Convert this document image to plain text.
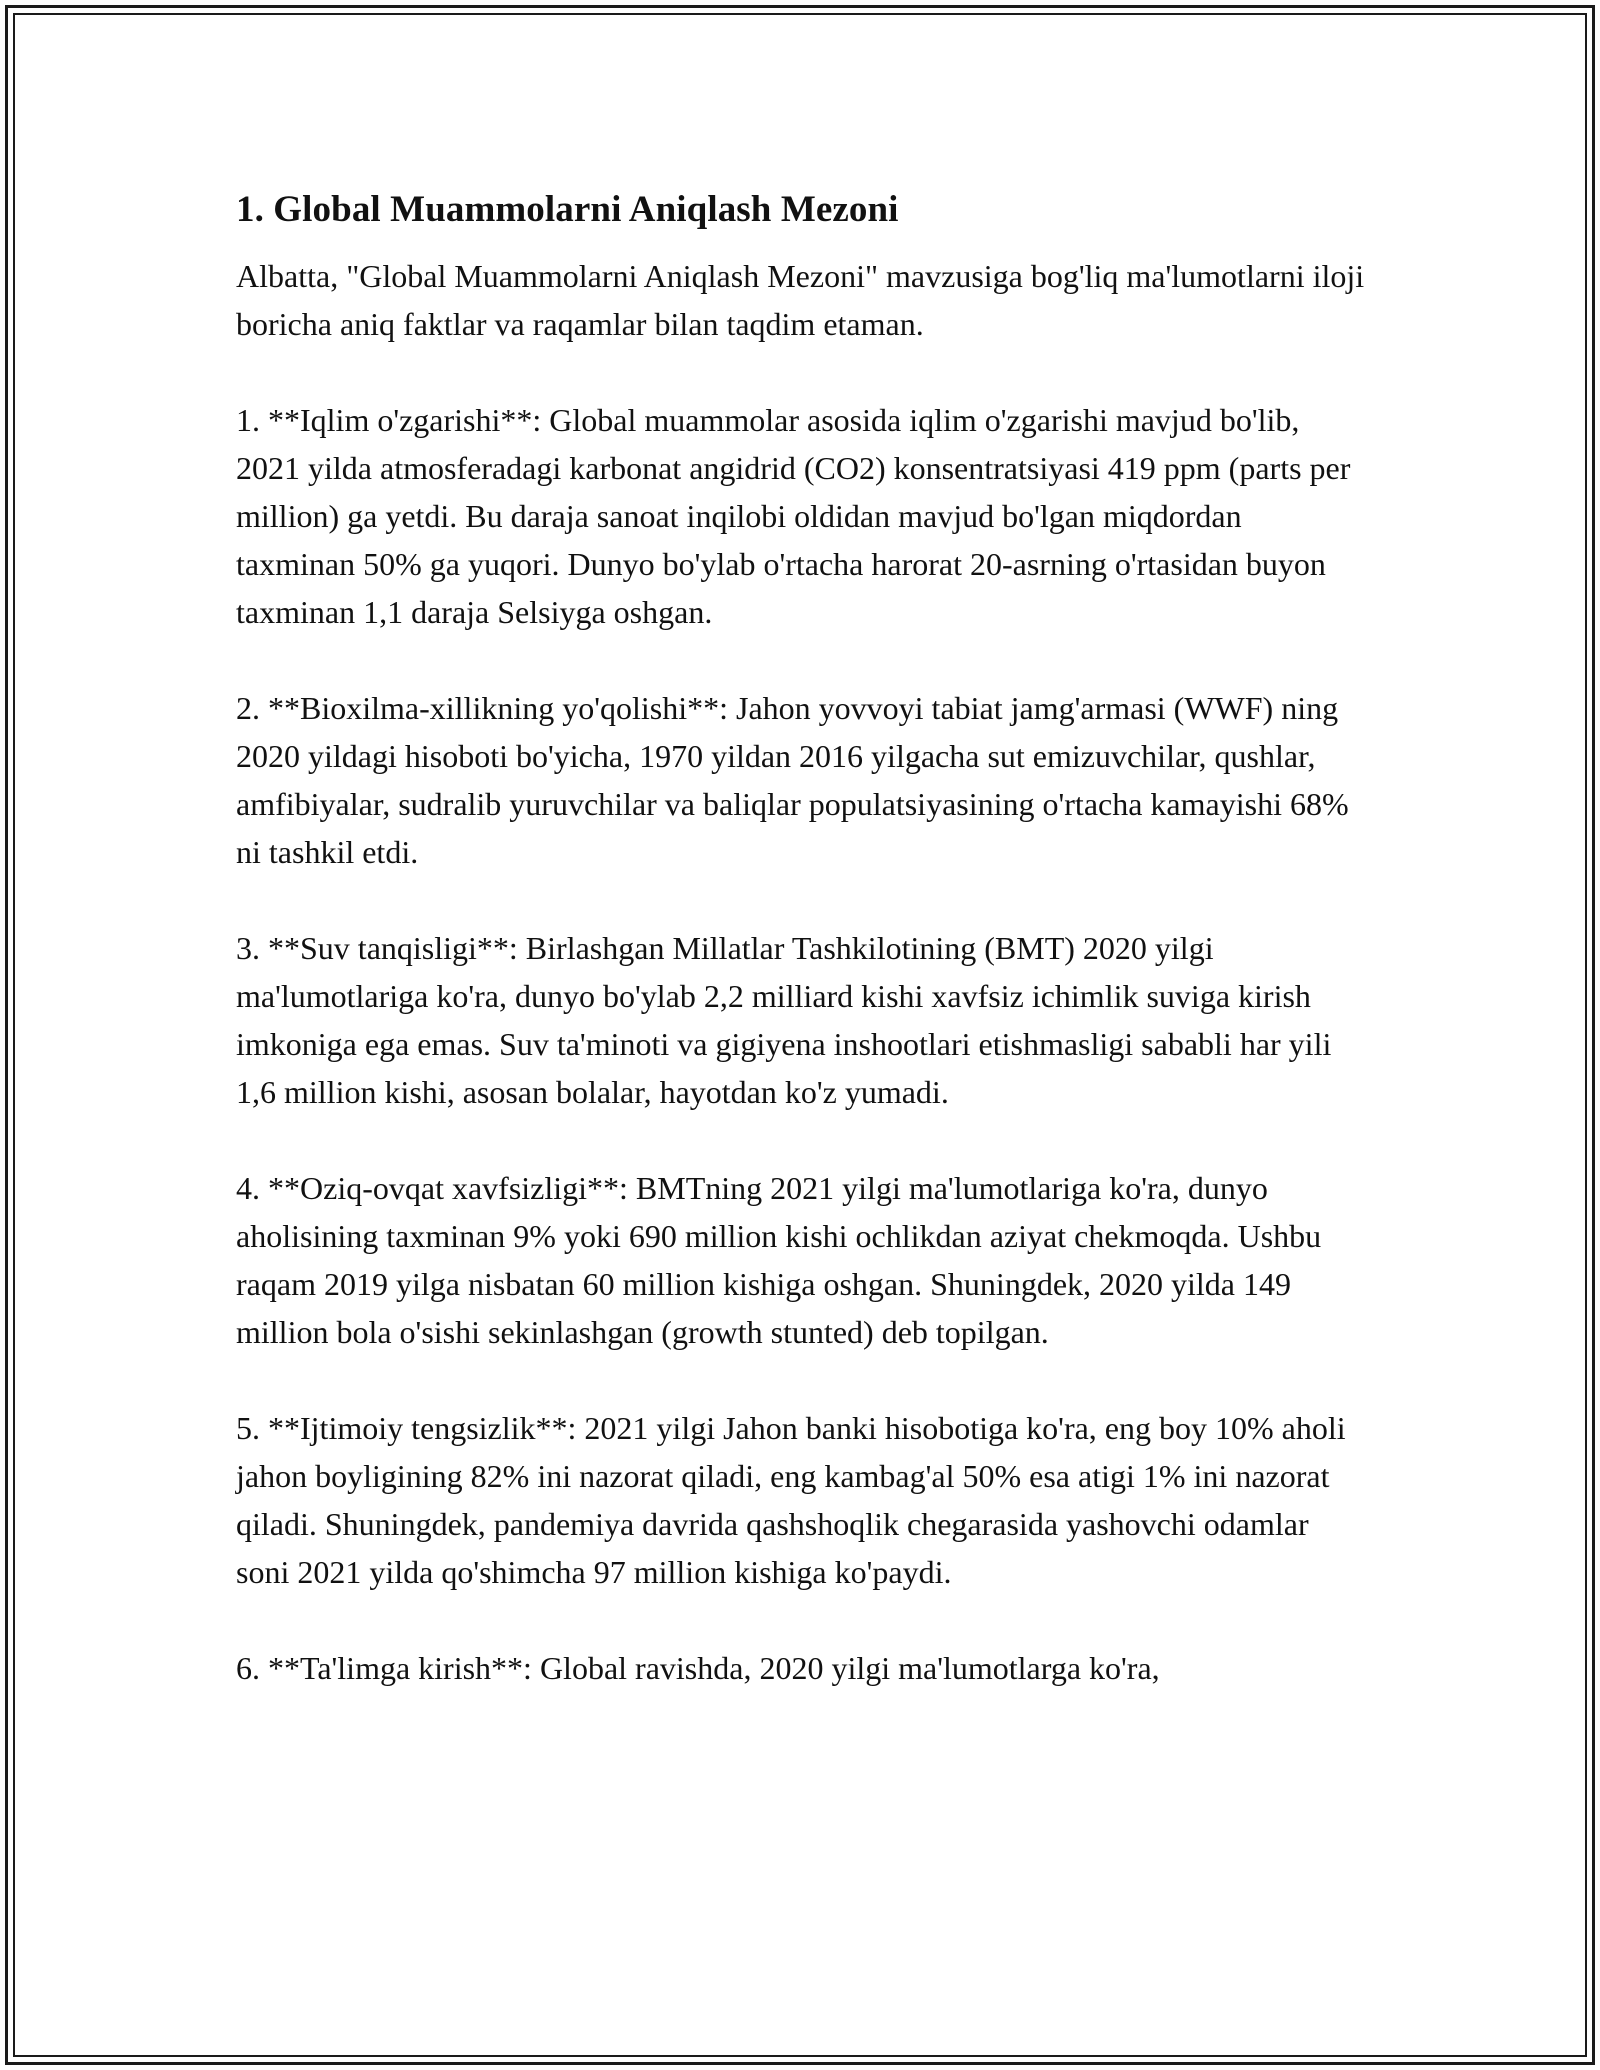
1. Global Muammolarni Aniqlash Mezoni

Albatta, "Global Muammolarni Aniqlash Mezoni" mavzusiga bog'liq ma'lumotlarni iloji boricha aniq faktlar va raqamlar bilan taqdim etaman.

1. **Iqlim o'zgarishi**: Global muammolar asosida iqlim o'zgarishi mavjud bo'lib, 2021 yilda atmosferadagi karbonat angidrid (CO2) konsentratsiyasi 419 ppm (parts per million) ga yetdi. Bu daraja sanoat inqilobi oldidan mavjud bo'lgan miqdordan taxminan 50% ga yuqori. Dunyo bo'ylab o'rtacha harorat 20-asrning o'rtasidan buyon taxminan 1,1 daraja Selsiyga oshgan.

2. **Bioxilma-xillikning yo'qolishi**: Jahon yovvoyi tabiat jamg'armasi (WWF) ning 2020 yildagi hisoboti bo'yicha, 1970 yildan 2016 yilgacha sut emizuvchilar, qushlar, amfibiyalar, sudralib yuruvchilar va baliqlar populatsiyasining o'rtacha kamayishi 68% ni tashkil etdi.

3. **Suv tanqisligi**: Birlashgan Millatlar Tashkilotining (BMT) 2020 yilgi ma'lumotlariga ko'ra, dunyo bo'ylab 2,2 milliard kishi xavfsiz ichimlik suviga kirish imkoniga ega emas. Suv ta'minoti va gigiyena inshootlari etishmasligi sababli har yili 1,6 million kishi, asosan bolalar, hayotdan ko'z yumadi.

4. **Oziq-ovqat xavfsizligi**: BMTning 2021 yilgi ma'lumotlariga ko'ra, dunyo aholisining taxminan 9% yoki 690 million kishi ochlikdan aziyat chekmoqda. Ushbu raqam 2019 yilga nisbatan 60 million kishiga oshgan. Shuningdek, 2020 yilda 149 million bola o'sishi sekinlashgan (growth stunted) deb topilgan.

5. **Ijtimoiy tengsizlik**: 2021 yilgi Jahon banki hisobotiga ko'ra, eng boy 10% aholi jahon boyligining 82% ini nazorat qiladi, eng kambag'al 50% esa atigi 1% ini nazorat qiladi. Shuningdek, pandemiya davrida qashshoqlik chegarasida yashovchi odamlar soni 2021 yilda qo'shimcha 97 million kishiga ko'paydi.

6. **Ta'limga kirish**: Global ravishda, 2020 yilgi ma'lumotlarga ko'ra,
